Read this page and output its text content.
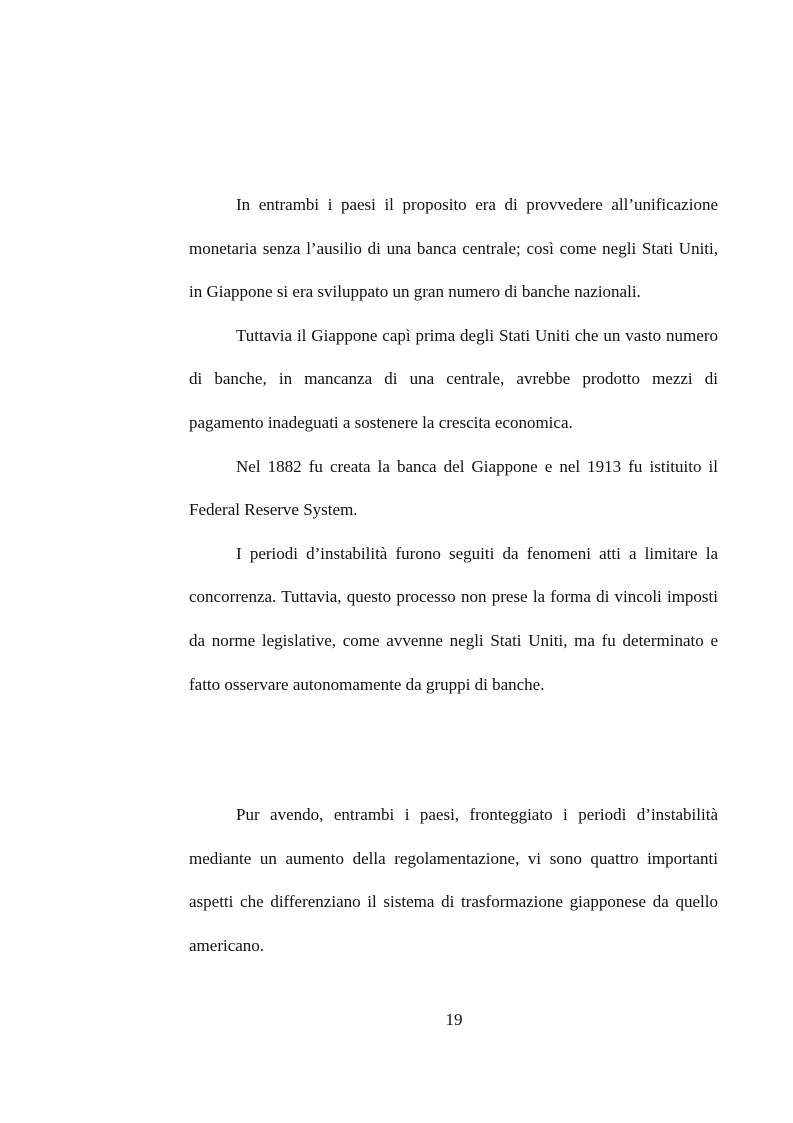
In entrambi i paesi il proposito era di provvedere all’unificazione monetaria senza l’ausilio di una banca centrale; così come negli Stati Uniti, in Giappone si era sviluppato un gran numero di banche nazionali.

Tuttavia il Giappone capì prima degli Stati Uniti che un vasto numero di banche, in mancanza di una centrale, avrebbe prodotto mezzi di pagamento inadeguati a sostenere la crescita economica.

Nel 1882 fu creata la banca del Giappone e nel 1913 fu istituito il Federal Reserve System.

I periodi d’instabilità furono seguiti da fenomeni atti a limitare la concorrenza. Tuttavia, questo processo non prese la forma di vincoli imposti da norme legislative, come avvenne negli Stati Uniti, ma fu determinato e fatto osservare autonomamente da gruppi di banche.

Pur avendo, entrambi i paesi, fronteggiato i periodi d’instabilità mediante un aumento della regolamentazione, vi sono quattro importanti aspetti che differenziano il sistema di trasformazione giapponese da quello americano.

19
